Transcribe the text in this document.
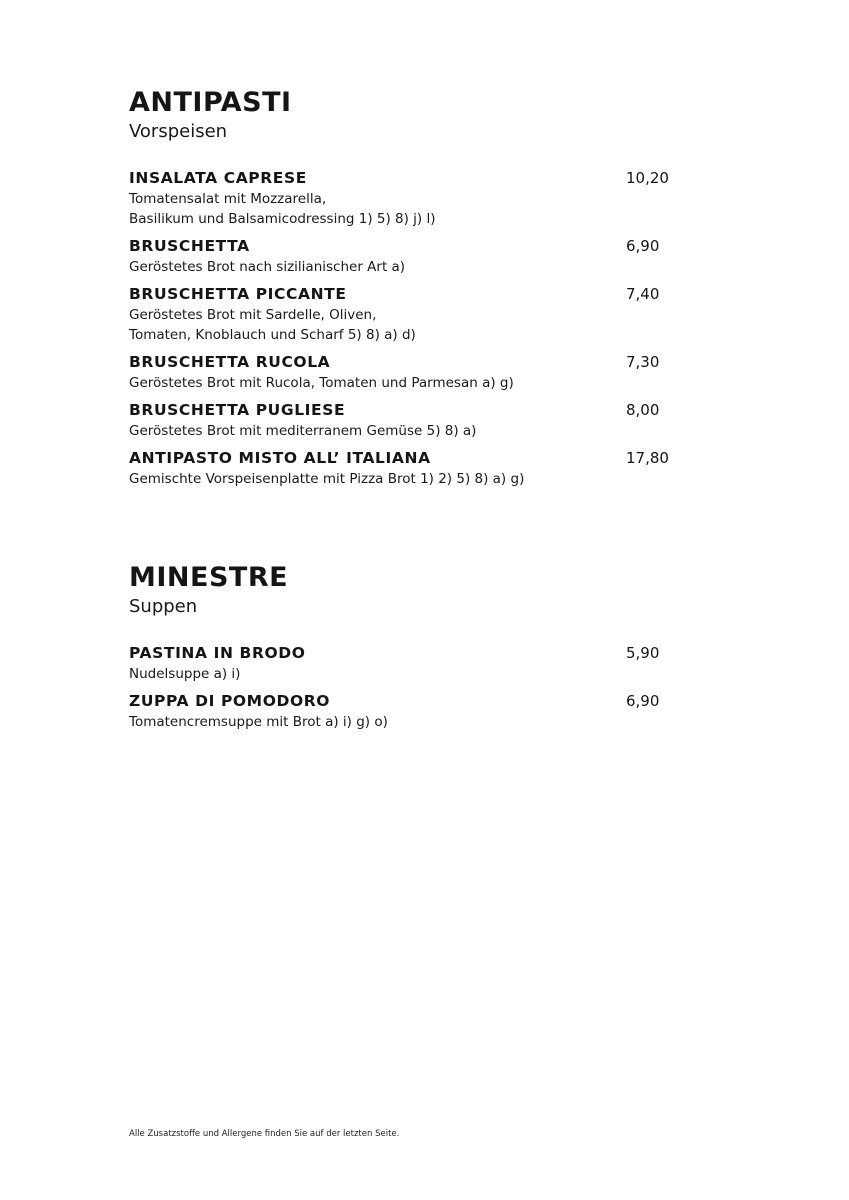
ANTIPASTI
Vorspeisen
INSALATA CAPRESE	10,20
Tomatensalat mit Mozzarella,
Basilikum und Balsamicodressing 1) 5) 8) j) l)
BRUSCHETTA	6,90
Geröstetes Brot nach sizilianischer Art a)
BRUSCHETTA PICCANTE	7,40
Geröstetes Brot mit Sardelle, Oliven,
Tomaten, Knoblauch und Scharf 5) 8) a) d)
BRUSCHETTA RUCOLA	7,30
Geröstetes Brot mit Rucola, Tomaten und Parmesan a) g)
BRUSCHETTA PUGLIESE	8,00
Geröstetes Brot mit mediterranem Gemüse 5) 8) a)
ANTIPASTO MISTO ALL’ ITALIANA	17,80
Gemischte Vorspeisenplatte mit Pizza Brot 1) 2) 5) 8) a) g)
MINESTRE
Suppen
PASTINA IN BRODO	5,90
Nudelsuppe a) i)
ZUPPA DI POMODORO	6,90
Tomatencremsuppe mit Brot a) i) g) o)
Alle Zusatzstoffe und Allergene finden Sie auf der letzten Seite.
